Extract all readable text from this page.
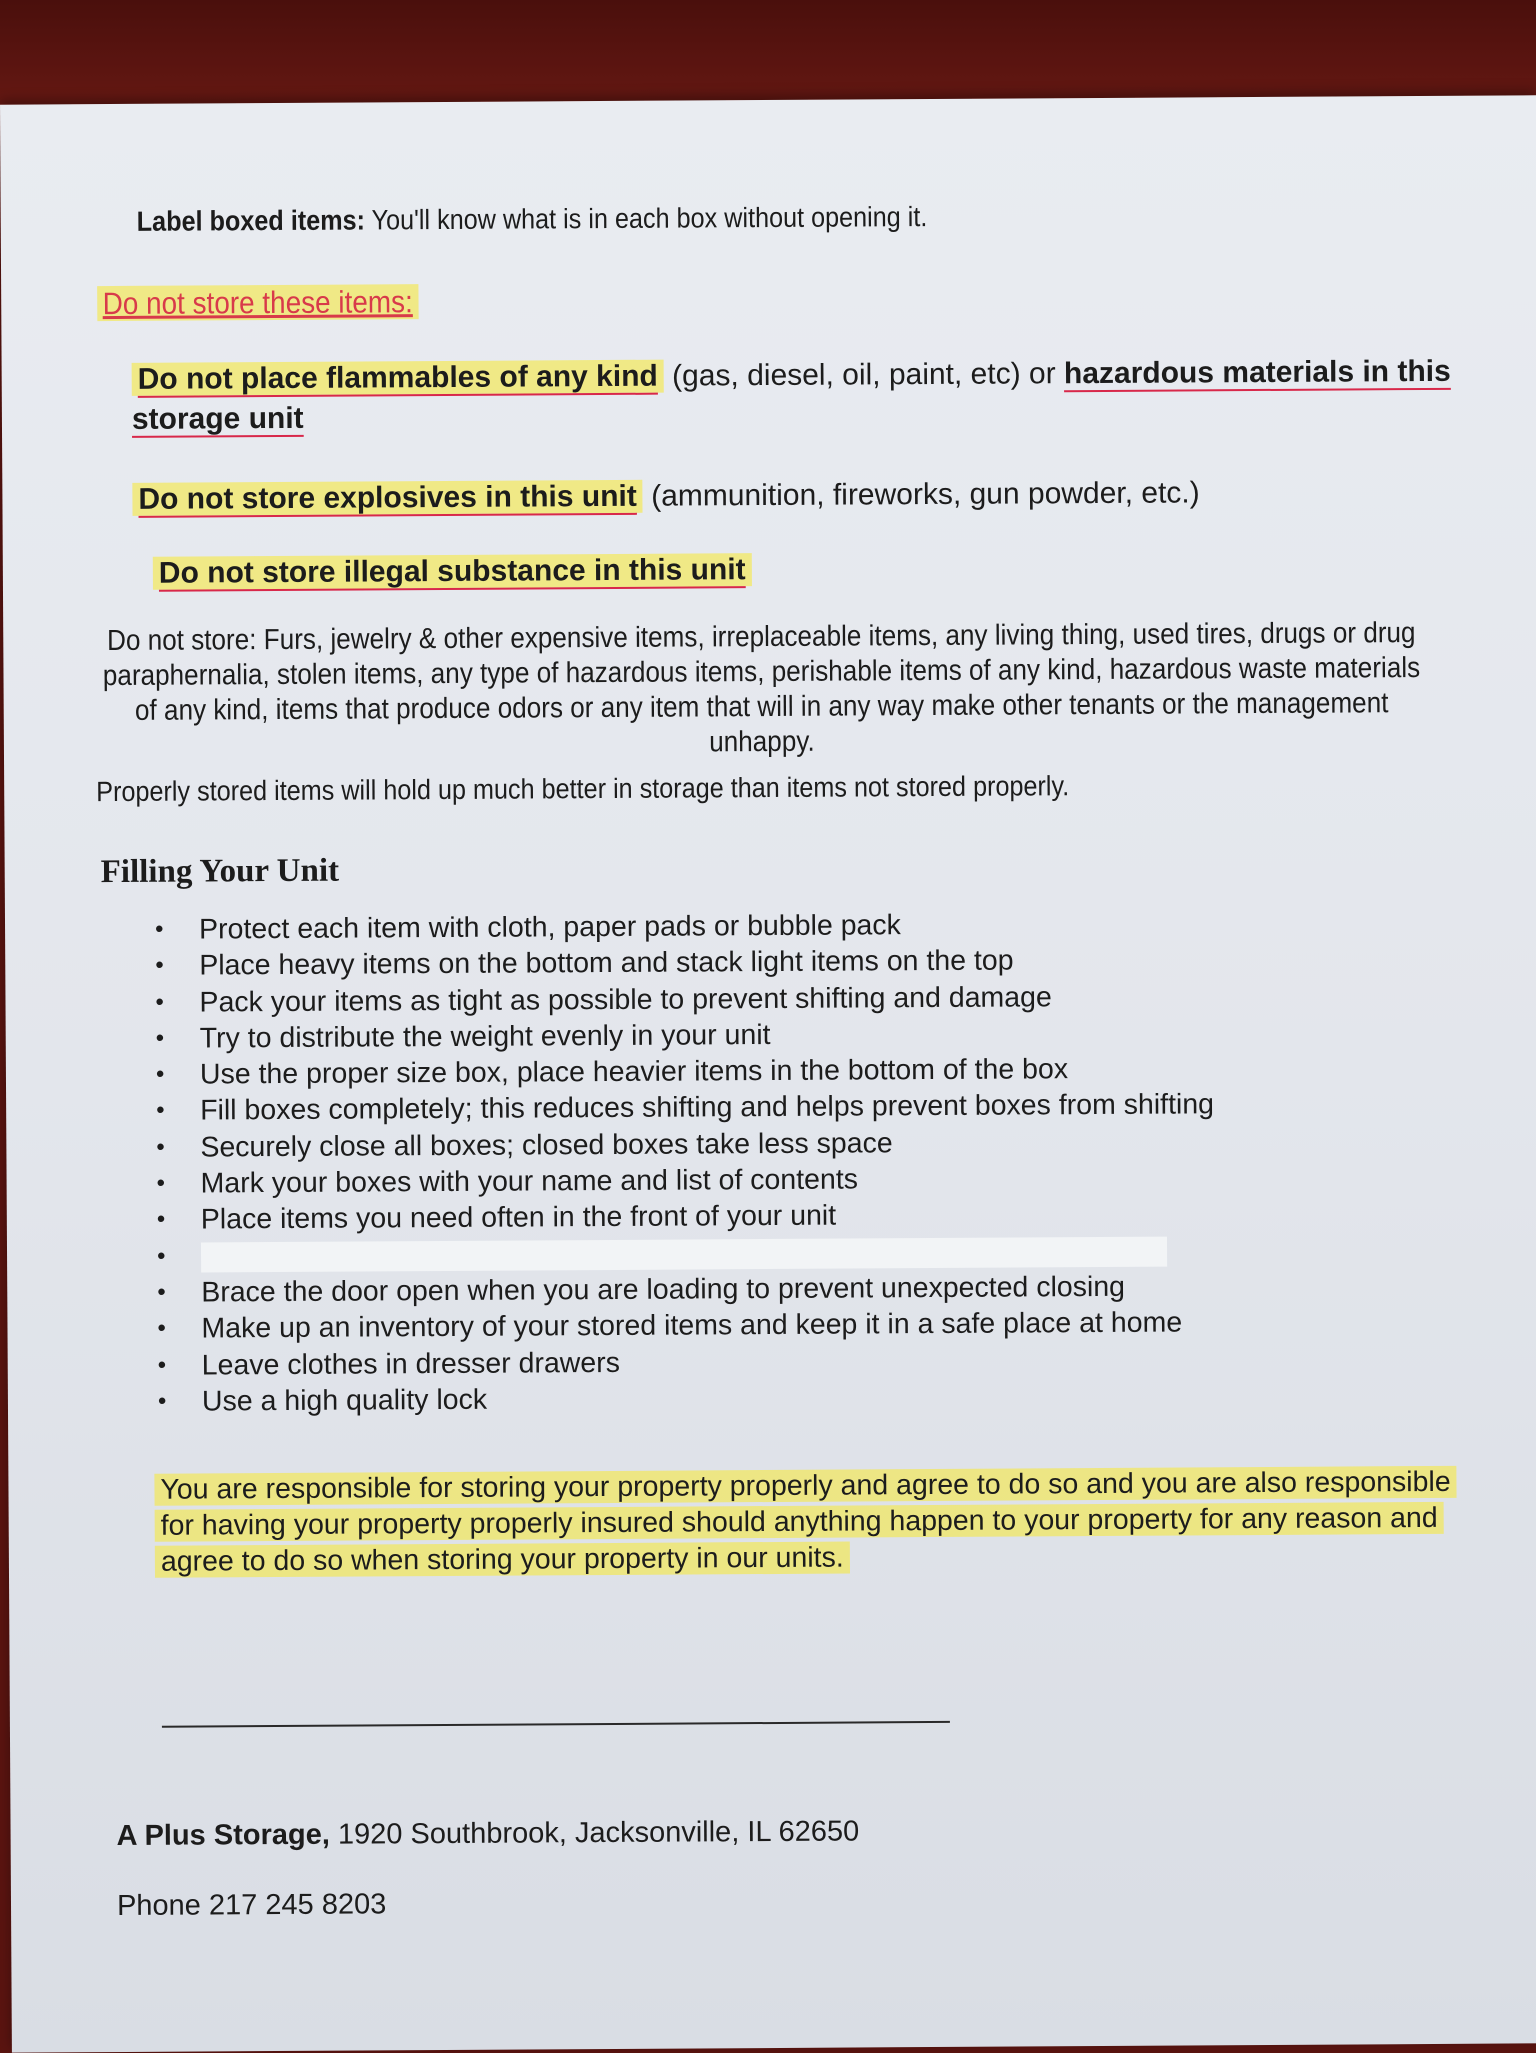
Label boxed items: You'll know what is in each box without opening it.

Do not store these items:

Do not place flammables of any kind (gas, diesel, oil, paint, etc) or hazardous materials in this storage unit

Do not store explosives in this unit (ammunition, fireworks, gun powder, etc.)

Do not store illegal substance in this unit

Do not store: Furs, jewelry & other expensive items, irreplaceable items, any living thing, used tires, drugs or drug paraphernalia, stolen items, any type of hazardous items, perishable items of any kind, hazardous waste materials of any kind, items that produce odors or any item that will in any way make other tenants or the management unhappy.

Properly stored items will hold up much better in storage than items not stored properly.

Filling Your Unit
• Protect each item with cloth, paper pads or bubble pack
• Place heavy items on the bottom and stack light items on the top
• Pack your items as tight as possible to prevent shifting and damage
• Try to distribute the weight evenly in your unit
• Use the proper size box, place heavier items in the bottom of the box
• Fill boxes completely; this reduces shifting and helps prevent boxes from shifting
• Securely close all boxes; closed boxes take less space
• Mark your boxes with your name and list of contents
• Place items you need often in the front of your unit
•
• Brace the door open when you are loading to prevent unexpected closing
• Make up an inventory of your stored items and keep it in a safe place at home
• Leave clothes in dresser drawers
• Use a high quality lock

You are responsible for storing your property properly and agree to do so and you are also responsible for having your property properly insured should anything happen to your property for any reason and agree to do so when storing your property in our units.

A Plus Storage, 1920 Southbrook, Jacksonville, IL 62650

Phone 217 245 8203
